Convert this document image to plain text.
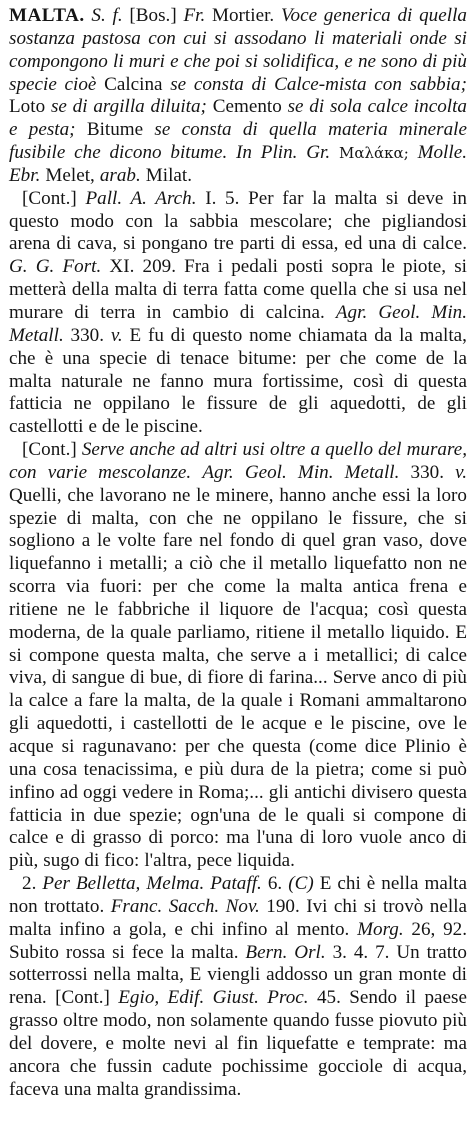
MALTA. S. f. [Bos.] Fr. Mortier. Voce generica di quella sostanza pastosa con cui si assodano li materiali onde si compongono li muri e che poi si solidifica, e ne sono di più specie cioè Calcina se consta di Calce-mista con sabbia; Loto se di argilla diluita; Cemento se di sola calce incolta e pesta; Bitume se consta di quella materia minerale fusibile che dicono bitume. In Plin. Gr. Μαλάκα; Molle. Ebr. Melet, arab. Milat.

[Cont.] Pall. A. Arch. I. 5. Per far la malta si deve in questo modo con la sabbia mescolare; che pigliandosi arena di cava, si pongano tre parti di essa, ed una di calce. G. G. Fort. XI. 209. Fra i pedali posti sopra le piote, si metterà della malta di terra fatta come quella che si usa nel murare di terra in cambio di calcina. Agr. Geol. Min. Metall. 330. v. E fu di questo nome chiamata da la malta, che è una specie di tenace bitume: per che come de la malta naturale ne fanno mura fortissime, così di questa fatticia ne oppilano le fissure de gli aquedotti, de gli castellotti e de le piscine.

[Cont.] Serve anche ad altri usi oltre a quello del murare, con varie mescolanze. Agr. Geol. Min. Metall. 330. v. Quelli, che lavorano ne le minere, hanno anche essi la loro spezie di malta, con che ne oppilano le fissure, che si sogliono a le volte fare nel fondo di quel gran vaso, dove liquefanno i metalli; a ciò che il metallo liquefatto non ne scorra via fuori: per che come la malta antica frena e ritiene ne le fabbriche il liquore de l'acqua; così questa moderna, de la quale parliamo, ritiene il metallo liquido. E si compone questa malta, che serve a i metallici; di calce viva, di sangue di bue, di fiore di farina... Serve anco di più la calce a fare la malta, de la quale i Romani ammaltarono gli aquedotti, i castellotti de le acque e le piscine, ove le acque si ragunavano: per che questa (come dice Plinio è una cosa tenacissima, e più dura de la pietra; come si può infino ad oggi vedere in Roma;... gli antichi divisero questa fatticia in due spezie; ogn'una de le quali si compone di calce e di grasso di porco: ma l'una di loro vuole anco di più, sugo di fico: l'altra, pece liquida.

2. Per Belletta, Melma. Pataff. 6. (C) E chi è nella malta non trottato. Franc. Sacch. Nov. 190. Ivi chi si trovò nella malta infino a gola, e chi infino al mento. Morg. 26, 92. Subito rossa si fece la malta. Bern. Orl. 3. 4. 7. Un tratto sotterrossi nella malta, E viengli addosso un gran monte di rena. [Cont.] Egio, Edif. Giust. Proc. 45. Sendo il paese grasso oltre modo, non solamente quando fusse piovuto più del dovere, e molte nevi al fin liquefatte e temprate: ma ancora che fussin cadute pochissime gocciole di acqua, faceva una malta grandissima.
